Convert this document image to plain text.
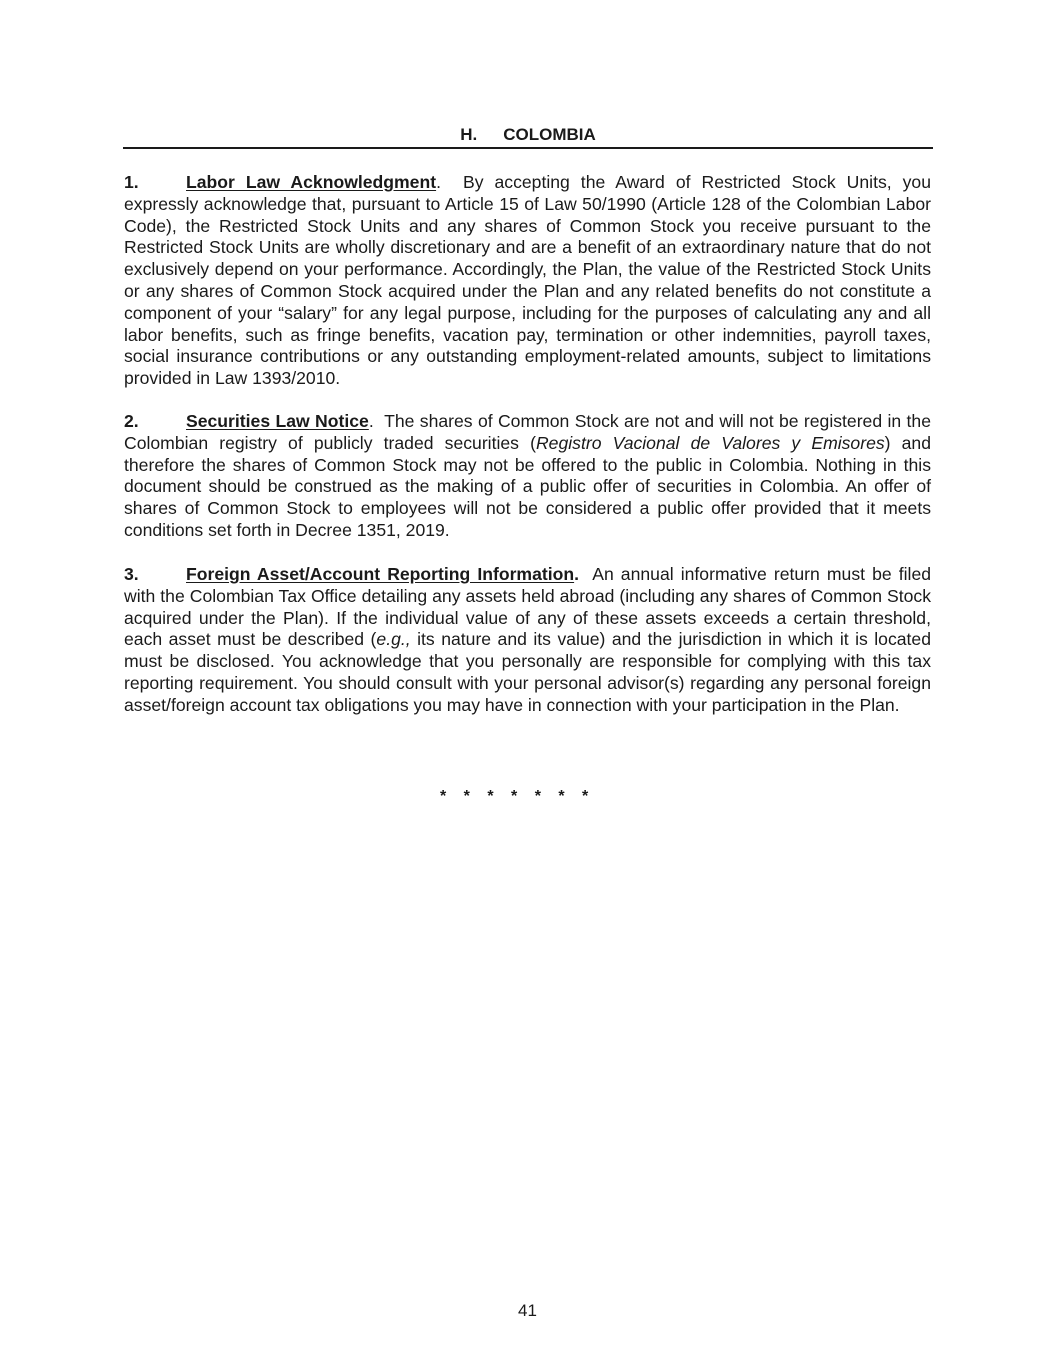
H. COLOMBIA
1.	Labor Law Acknowledgment. By accepting the Award of Restricted Stock Units, you expressly acknowledge that, pursuant to Article 15 of Law 50/1990 (Article 128 of the Colombian Labor Code), the Restricted Stock Units and any shares of Common Stock you receive pursuant to the Restricted Stock Units are wholly discretionary and are a benefit of an extraordinary nature that do not exclusively depend on your performance. Accordingly, the Plan, the value of the Restricted Stock Units or any shares of Common Stock acquired under the Plan and any related benefits do not constitute a component of your “salary” for any legal purpose, including for the purposes of calculating any and all labor benefits, such as fringe benefits, vacation pay, termination or other indemnities, payroll taxes, social insurance contributions or any outstanding employment-related amounts, subject to limitations provided in Law 1393/2010.
2.	Securities Law Notice. The shares of Common Stock are not and will not be registered in the Colombian registry of publicly traded securities (Registro Vacional de Valores y Emisores) and therefore the shares of Common Stock may not be offered to the public in Colombia. Nothing in this document should be construed as the making of a public offer of securities in Colombia. An offer of shares of Common Stock to employees will not be considered a public offer provided that it meets conditions set forth in Decree 1351, 2019.
3.	Foreign Asset/Account Reporting Information. An annual informative return must be filed with the Colombian Tax Office detailing any assets held abroad (including any shares of Common Stock acquired under the Plan). If the individual value of any of these assets exceeds a certain threshold, each asset must be described (e.g., its nature and its value) and the jurisdiction in which it is located must be disclosed. You acknowledge that you personally are responsible for complying with this tax reporting requirement. You should consult with your personal advisor(s) regarding any personal foreign asset/foreign account tax obligations you may have in connection with your participation in the Plan.
* * * * * * *
41
